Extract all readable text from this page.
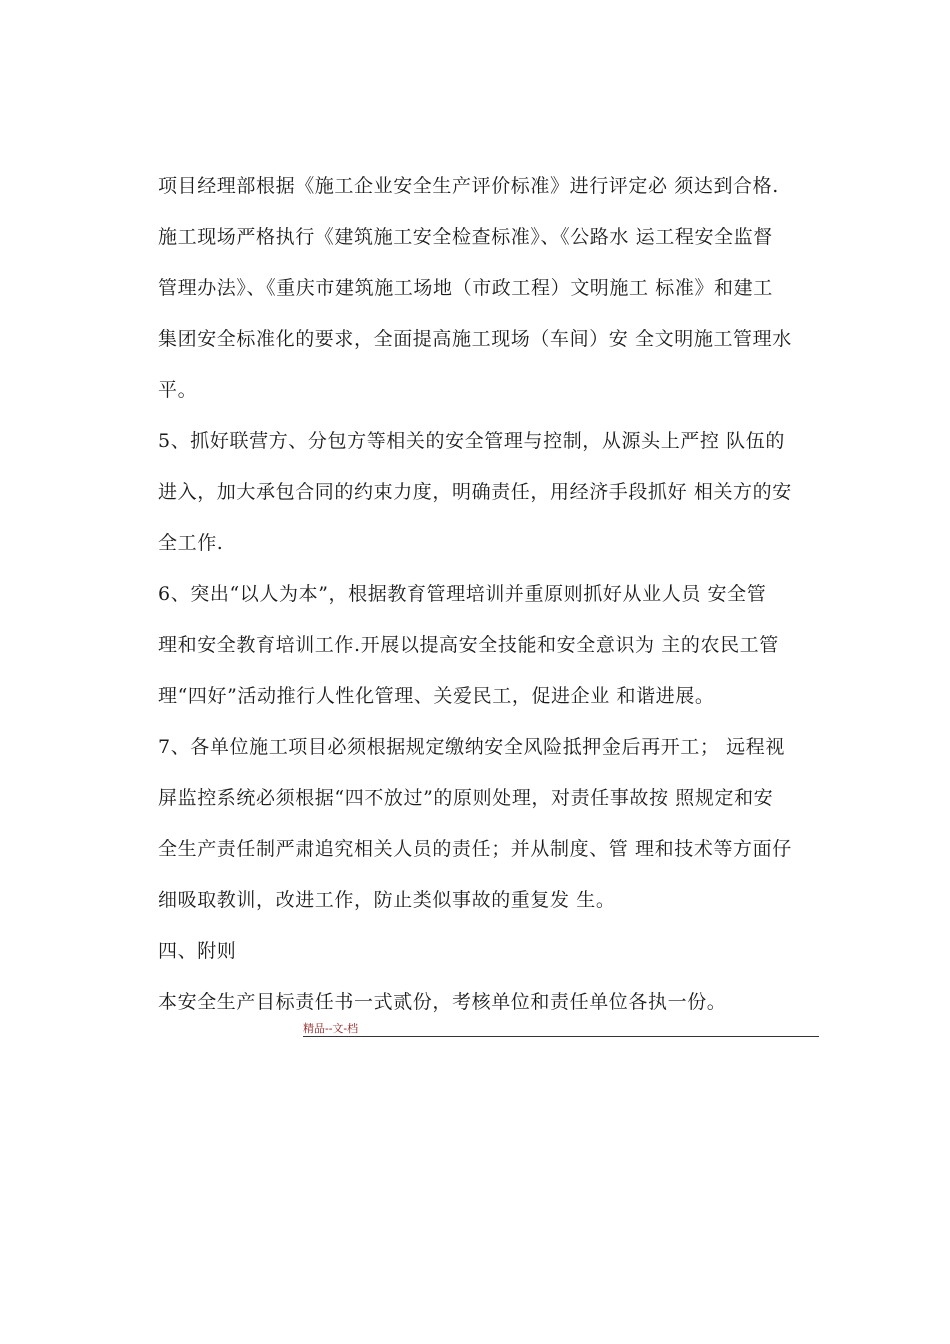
项目经理部根据《施工企业安全生产评价标准》进行评定必 须达到合格.

施工现场严格执行《建筑施工安全检查标准》、《公路水 运工程安全监督

管理办法》、《重庆市建筑施工场地（市政工程）文明施工 标准》和建工

集团安全标准化的要求，全面提高施工现场（车间）安 全文明施工管理水

平。

5、抓好联营方、分包方等相关的安全管理与控制，从源头上严控 队伍的

进入，加大承包合同的约束力度，明确责任，用经济手段抓好 相关方的安

全工作.

6、突出“以人为本”，根据教育管理培训并重原则抓好从业人员 安全管

理和安全教育培训工作.开展以提高安全技能和安全意识为 主的农民工管

理“四好”活动推行人性化管理、关爱民工，促进企业 和谐进展。

7、各单位施工项目必须根据规定缴纳安全风险抵押金后再开工； 远程视

屏监控系统必须根据“四不放过”的原则处理，对责任事故按 照规定和安

全生产责任制严肃追究相关人员的责任；并从制度、管 理和技术等方面仔

细吸取教训，改进工作，防止类似事故的重复发 生。

四、附则

本安全生产目标责任书一式贰份，考核单位和责任单位各执一份。

精品--文-档
